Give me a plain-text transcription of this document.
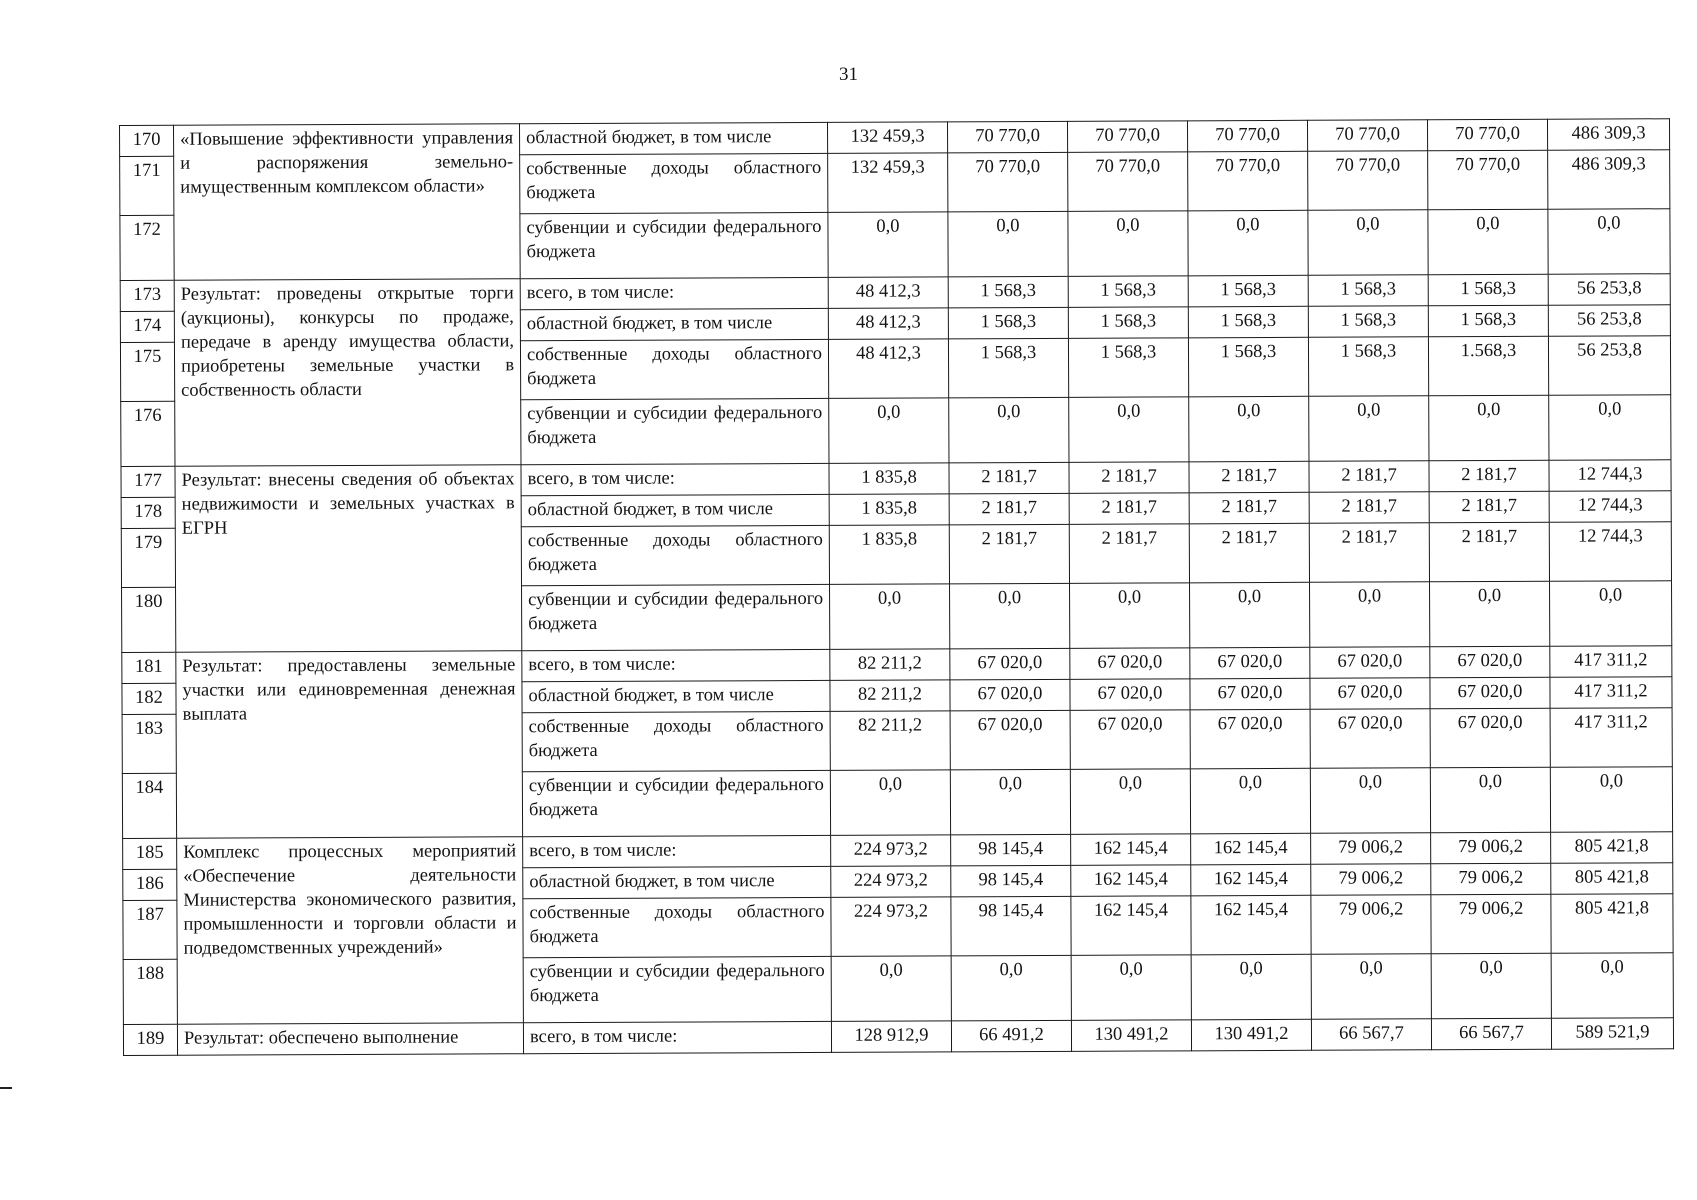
31
170	«Повышение эффективности управления и распоряжения земельно-имущественным комплексом области»	областной бюджет, в том числе	132 459,3	70 770,0	70 770,0	70 770,0	70 770,0	70 770,0	486 309,3
171		собственные доходы областного бюджета	132 459,3	70 770,0	70 770,0	70 770,0	70 770,0	70 770,0	486 309,3
172		субвенции и субсидии федерального бюджета	0,0	0,0	0,0	0,0	0,0	0,0	0,0
173	Результат: проведены открытые торги (аукционы), конкурсы по продаже, передаче в аренду имущества области, приобретены земельные участки в собственность области	всего, в том числе:	48 412,3	1 568,3	1 568,3	1 568,3	1 568,3	1 568,3	56 253,8
174		областной бюджет, в том числе	48 412,3	1 568,3	1 568,3	1 568,3	1 568,3	1 568,3	56 253,8
175		собственные доходы областного бюджета	48 412,3	1 568,3	1 568,3	1 568,3	1 568,3	1.568,3	56 253,8
176		субвенции и субсидии федерального бюджета	0,0	0,0	0,0	0,0	0,0	0,0	0,0
177	Результат: внесены сведения об объектах недвижимости и земельных участках в ЕГРН	всего, в том числе:	1 835,8	2 181,7	2 181,7	2 181,7	2 181,7	2 181,7	12 744,3
178		областной бюджет, в том числе	1 835,8	2 181,7	2 181,7	2 181,7	2 181,7	2 181,7	12 744,3
179		собственные доходы областного бюджета	1 835,8	2 181,7	2 181,7	2 181,7	2 181,7	2 181,7	12 744,3
180		субвенции и субсидии федерального бюджета	0,0	0,0	0,0	0,0	0,0	0,0	0,0
181	Результат: предоставлены земельные участки или единовременная денежная выплата	всего, в том числе:	82 211,2	67 020,0	67 020,0	67 020,0	67 020,0	67 020,0	417 311,2
182		областной бюджет, в том числе	82 211,2	67 020,0	67 020,0	67 020,0	67 020,0	67 020,0	417 311,2
183		собственные доходы областного бюджета	82 211,2	67 020,0	67 020,0	67 020,0	67 020,0	67 020,0	417 311,2
184		субвенции и субсидии федерального бюджета	0,0	0,0	0,0	0,0	0,0	0,0	0,0
185	Комплекс процессных мероприятий «Обеспечение деятельности Министерства экономического развития, промышленности и торговли области и подведомственных учреждений»	всего, в том числе:	224 973,2	98 145,4	162 145,4	162 145,4	79 006,2	79 006,2	805 421,8
186		областной бюджет, в том числе	224 973,2	98 145,4	162 145,4	162 145,4	79 006,2	79 006,2	805 421,8
187		собственные доходы областного бюджета	224 973,2	98 145,4	162 145,4	162 145,4	79 006,2	79 006,2	805 421,8
188		субвенции и субсидии федерального бюджета	0,0	0,0	0,0	0,0	0,0	0,0	0,0
189	Результат: обеспечено выполнение	всего, в том числе:	128 912,9	66 491,2	130 491,2	130 491,2	66 567,7	66 567,7	589 521,9
